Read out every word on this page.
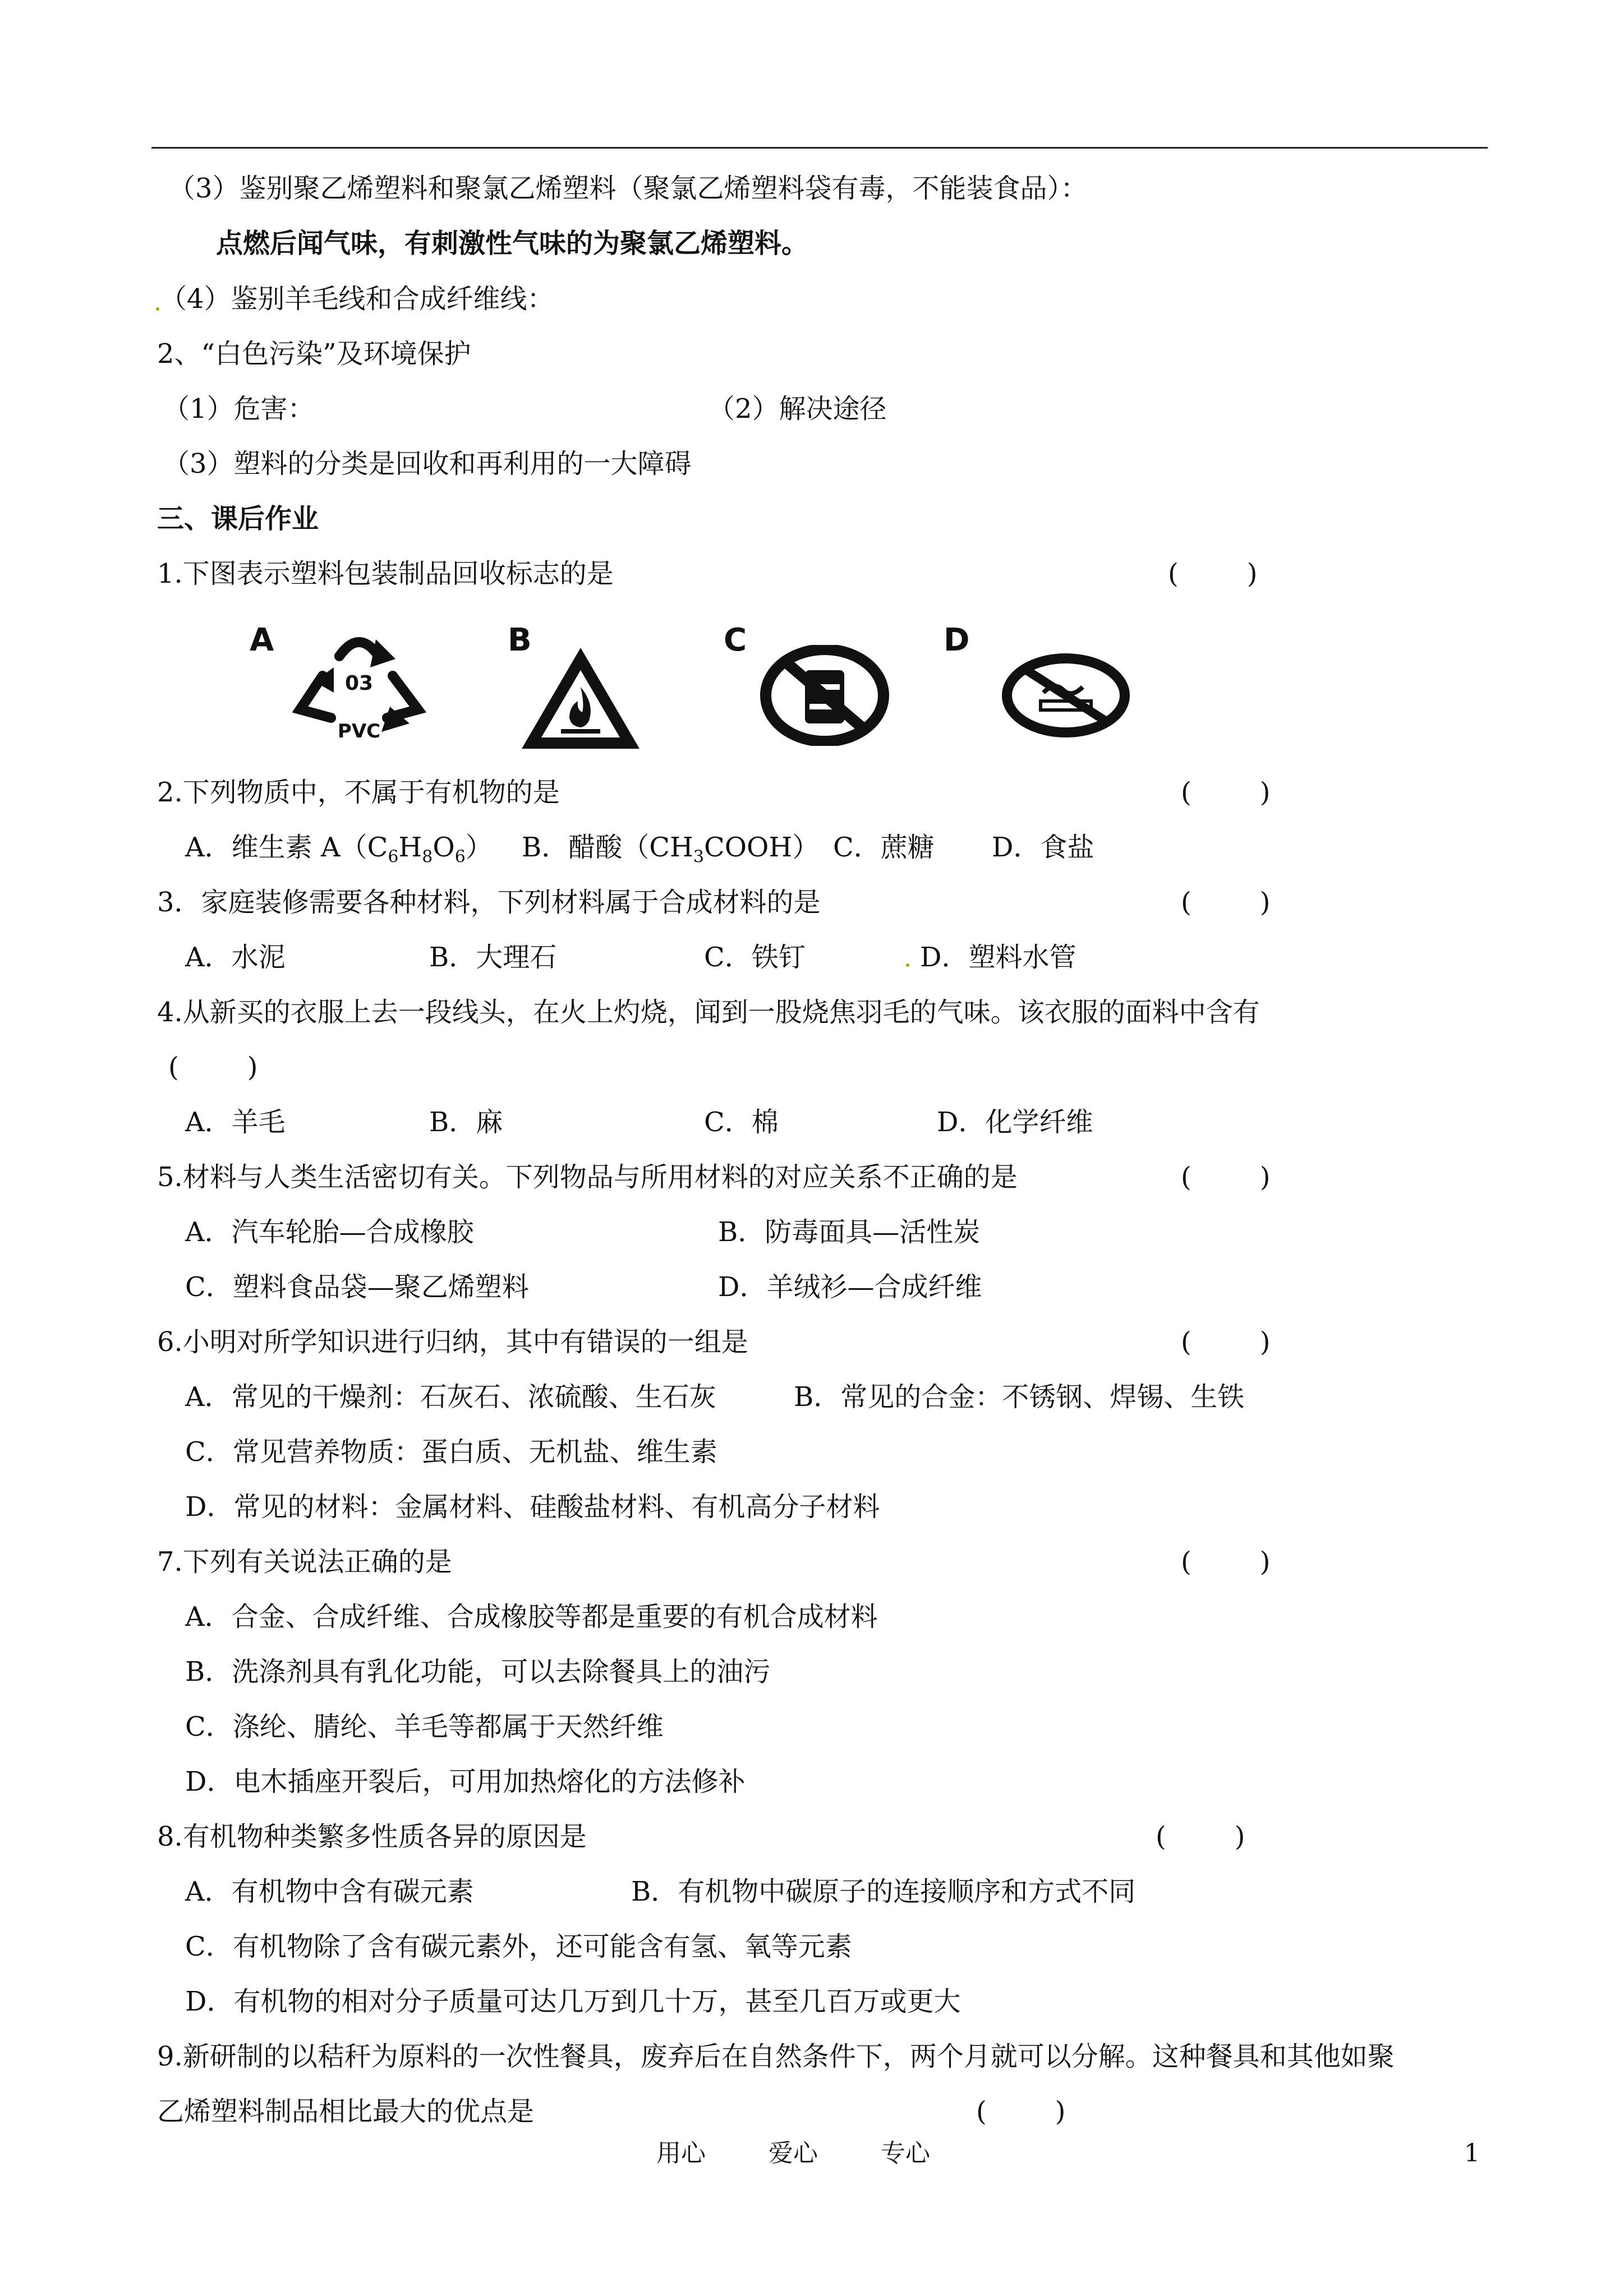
（3）鉴别聚乙烯塑料和聚氯乙烯塑料（聚氯乙烯塑料袋有毒，不能装食品）：
点燃后闻气味，有刺激性气味的为聚氯乙烯塑料。
（4）鉴别羊毛线和合成纤维线：
2、“白色污染”及环境保护
（1）危害：	（2）解决途径
（3）塑料的分类是回收和再利用的一大障碍
三、课后作业
1.下图表示塑料包装制品回收标志的是	(        )
A
03
PVC
B	C	D
2.下列物质中，不属于有机物的是	(        )
A．维生素 $A(C_6H_8O_6)$ B．醋酸$(CH_3COOH)$ C．蔗糖 D．食盐
3．家庭装修需要各种材料，下列材料属于合成材料的是	(        )
A．水泥	B．大理石	C．铁钉	D．塑料水管
4.从新买的衣服上去一段线头，在火上灼烧，闻到一股烧焦羽毛的气味。该衣服的面料中含有
(        )
A．羊毛	B．麻	C．棉	D．化学纤维
5.材料与人类生活密切有关。下列物品与所用材料的对应关系不正确的是	(        )
A．汽车轮胎—合成橡胶	B．防毒面具—活性炭
C．塑料食品袋—聚乙烯塑料	D．羊绒衫—合成纤维
6.小明对所学知识进行归纳，其中有错误的一组是	(        )
A．常见的干燥剂：石灰石、浓硫酸、生石灰	B．常见的合金：不锈钢、焊锡、生铁
C．常见营养物质：蛋白质、无机盐、维生素
D．常见的材料：金属材料、硅酸盐材料、有机高分子材料
7.下列有关说法正确的是	(        )
A．合金、合成纤维、合成橡胶等都是重要的有机合成材料
B．洗涤剂具有乳化功能，可以去除餐具上的油污
C．涤纶、腈纶、羊毛等都属于天然纤维
D．电木插座开裂后，可用加热熔化的方法修补
8.有机物种类繁多性质各异的原因是	(        )
A．有机物中含有碳元素	B．有机物中碳原子的连接顺序和方式不同
C．有机物除了含有碳元素外，还可能含有氢、氧等元素
D．有机物的相对分子质量可达几万到几十万，甚至几百万或更大
9.新研制的以秸秆为原料的一次性餐具，废弃后在自然条件下，两个月就可以分解。这种餐具和其他如聚
乙烯塑料制品相比最大的优点是	(        )
用心	爱心	专心	1
